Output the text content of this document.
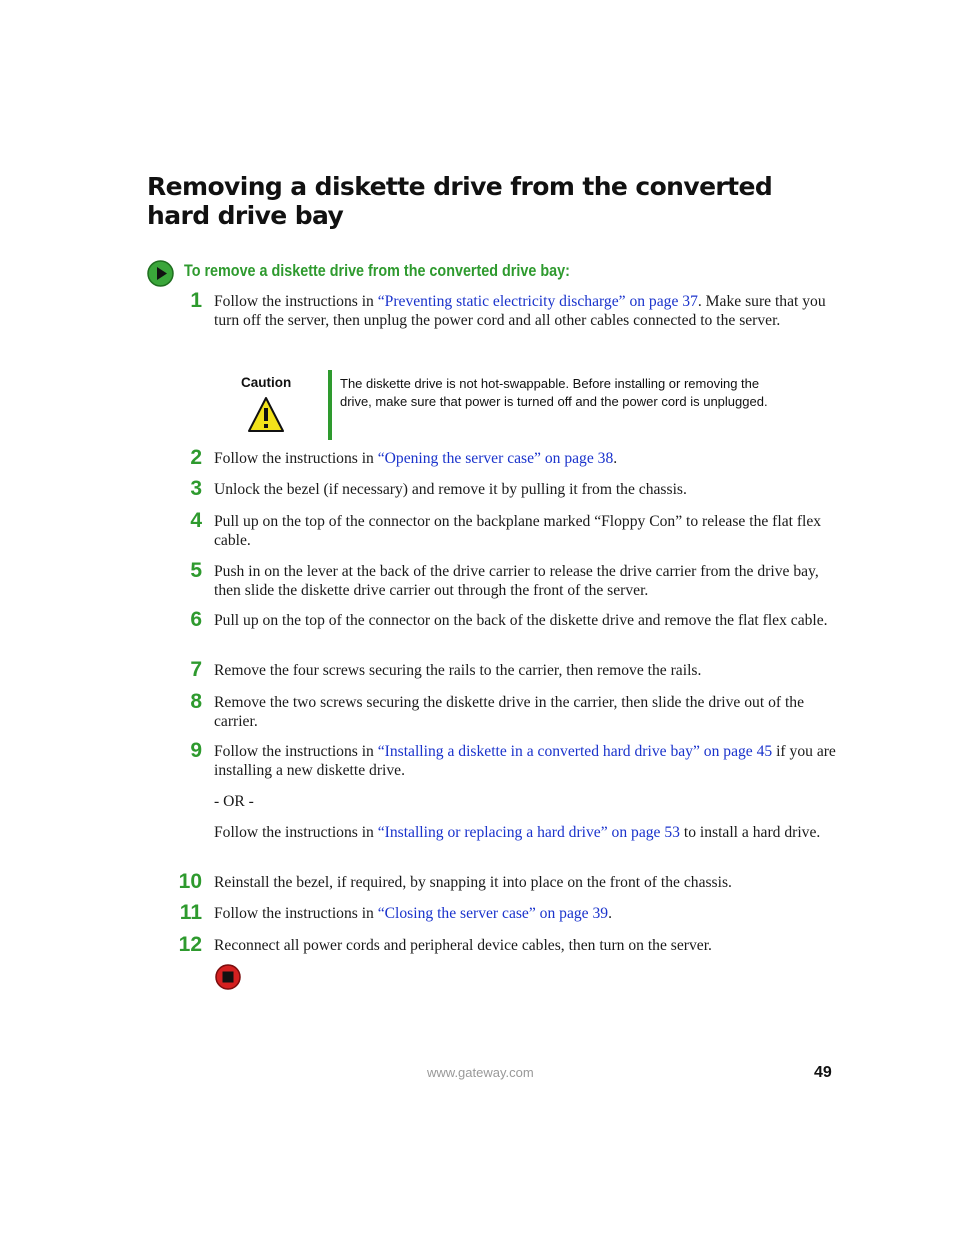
Removing a diskette drive from the converted hard drive bay
To remove a diskette drive from the converted drive bay:
1 Follow the instructions in “Preventing static electricity discharge” on page 37. Make sure that you turn off the server, then unplug the power cord and all other cables connected to the server.
Caution	The diskette drive is not hot-swappable. Before installing or removing the drive, make sure that power is turned off and the power cord is unplugged.
2 Follow the instructions in “Opening the server case” on page 38.
3 Unlock the bezel (if necessary) and remove it by pulling it from the chassis.
4 Pull up on the top of the connector on the backplane marked “Floppy Con” to release the flat flex cable.
5 Push in on the lever at the back of the drive carrier to release the drive carrier from the drive bay, then slide the diskette drive carrier out through the front of the server.
6 Pull up on the top of the connector on the back of the diskette drive and remove the flat flex cable.
7 Remove the four screws securing the rails to the carrier, then remove the rails.
8 Remove the two screws securing the diskette drive in the carrier, then slide the drive out of the carrier.
9 Follow the instructions in “Installing a diskette in a converted hard drive bay” on page 45 if you are installing a new diskette drive.
- OR -
Follow the instructions in “Installing or replacing a hard drive” on page 53 to install a hard drive.
10 Reinstall the bezel, if required, by snapping it into place on the front of the chassis.
11 Follow the instructions in “Closing the server case” on page 39.
12 Reconnect all power cords and peripheral device cables, then turn on the server.
www.gateway.com	49
